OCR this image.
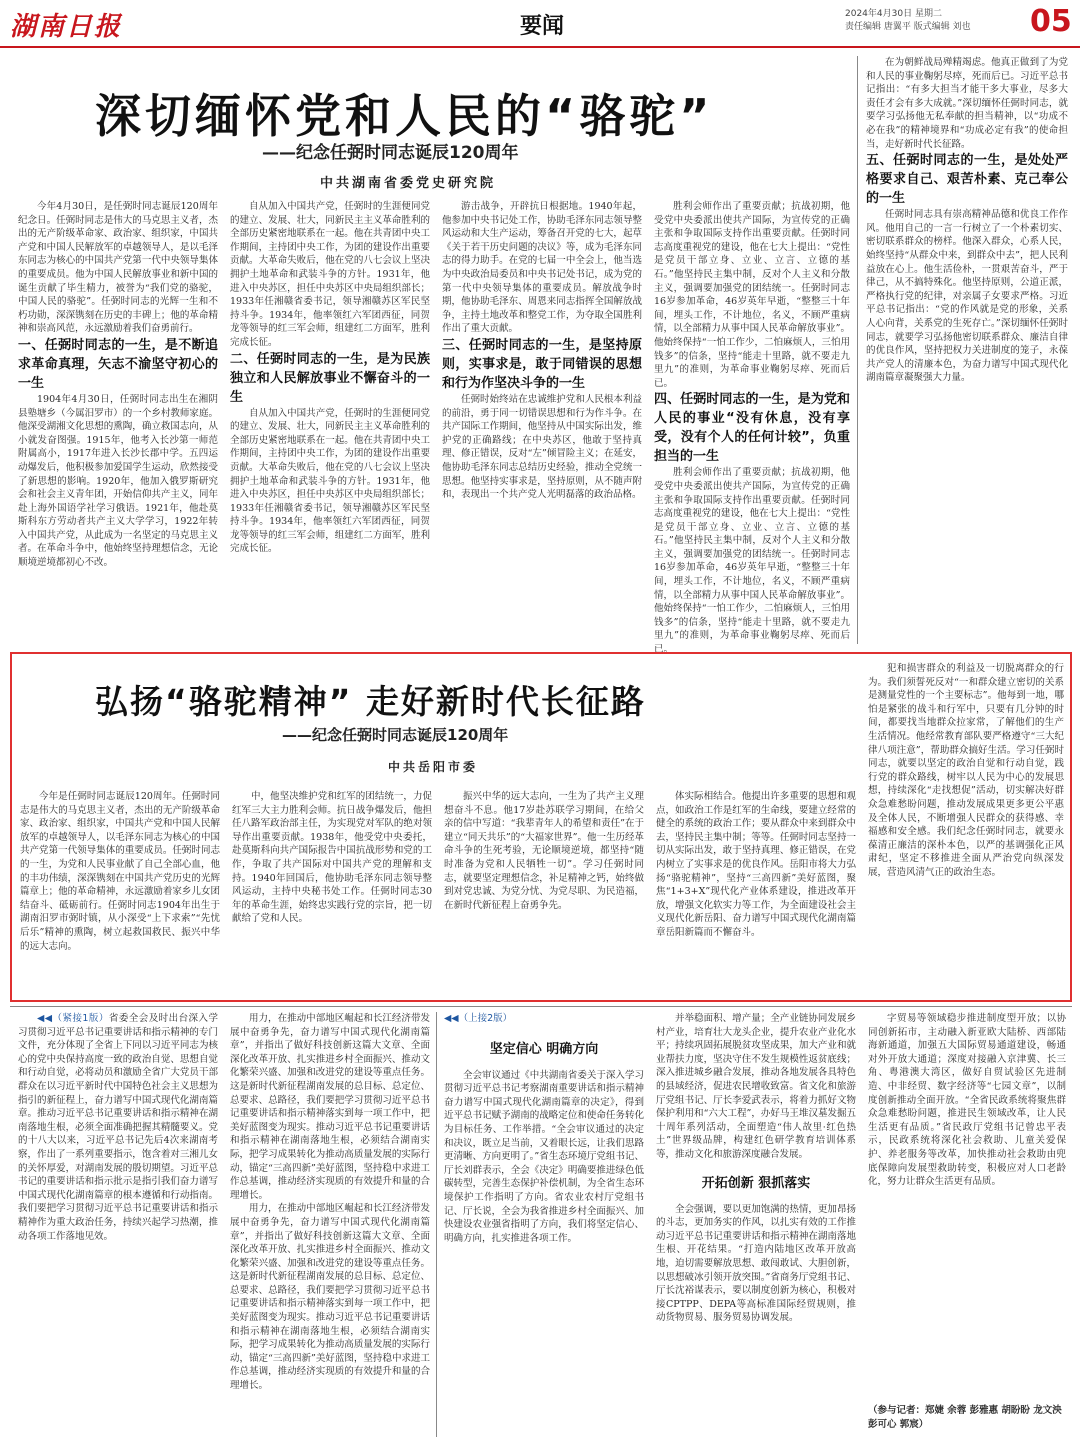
湖南日报	要闻	2024年4月30日 星期二
责任编辑 唐翼平 版式编辑 刘也 05
深切缅怀党和人民的“骆驼”
——纪念任弼时同志诞辰120周年
中共湖南省委党史研究院

今年4月30日，是任弼时同志诞辰120周年纪念日。任弼时同志是伟大的马克思主义者，杰出的无产阶级革命家、政治家、组织家，中国共产党和中国人民解放军的卓越领导人，是以毛泽东同志为核心的中国共产党第一代中央领导集体的重要成员。他为中国人民解放事业和新中国的诞生贡献了毕生精力，被誉为“我们党的骆驼，中国人民的骆驼”。任弼时同志的光辉一生和不朽功勋，深深镌刻在历史的丰碑上；他的革命精神和崇高风范，永远激励着我们奋勇前行。

一、任弼时同志的一生，是不断追求革命真理，矢志不渝坚守初心的一生

1904年4月30日，任弼时同志出生在湘阴县塾塘乡（今属汨罗市）的一个乡村教师家庭。他深受湖湘文化思想的熏陶，确立救国志向，从小就发奋图强。1915年，他考入长沙第一师范附属高小，1917年进入长沙长郡中学。五四运动爆发后，他积极参加爱国学生运动，欣然接受了新思想的影响。1920年，他加入俄罗斯研究会和社会主义青年团，开始信仰共产主义，同年赴上海外国语学社学习俄语。1921年，他赴莫斯科东方劳动者共产主义大学学习，1922年转入中国共产党，从此成为一名坚定的马克思主义者。在革命斗争中，他始终坚持理想信念，无论顺境逆境都初心不改。

自从加入中国共产党，任弼时的生涯便同党的建立、发展、壮大，同新民主主义革命胜利的全部历史紧密地联系在一起。他在共青团中央工作期间，主持团中央工作，为团的建设作出重要贡献。大革命失败后，他在党的八七会议上坚决拥护土地革命和武装斗争的方针。1931年，他进入中央苏区，担任中央苏区中央局组织部长；1933年任湘赣省委书记，领导湘赣苏区军民坚持斗争。1934年，他率领红六军团西征，同贺龙等领导的红三军会师，组建红二方面军，胜利完成长征。

二、任弼时同志的一生，是为民族独立和人民解放事业不懈奋斗的一生

自从加入中国共产党，任弼时的生涯便同党的建立、发展、壮大，同新民主主义革命胜利的全部历史紧密地联系在一起。他在共青团中央工作期间，主持团中央工作，为团的建设作出重要贡献。大革命失败后，他在党的八七会议上坚决拥护土地革命和武装斗争的方针。1931年，他进入中央苏区，担任中央苏区中央局组织部长；1933年任湘赣省委书记，领导湘赣苏区军民坚持斗争。1934年，他率领红六军团西征，同贺龙等领导的红三军会师，组建红二方面军，胜利完成长征。

游击战争，开辟抗日根据地。1940年起，他参加中央书记处工作，协助毛泽东同志领导整风运动和大生产运动，筹备召开党的七大，起草《关于若干历史问题的决议》等，成为毛泽东同志的得力助手。在党的七届一中全会上，他当选为中央政治局委员和中央书记处书记，成为党的第一代中央领导集体的重要成员。解放战争时期，他协助毛泽东、周恩来同志指挥全国解放战争，主持土地改革和整党工作，为夺取全国胜利作出了重大贡献。

三、任弼时同志的一生，是坚持原则，实事求是，敢于同错误的思想和行为作坚决斗争的一生

任弼时始终站在忠诚维护党和人民根本利益的前沿，勇于同一切错误思想和行为作斗争。在共产国际工作期间，他坚持从中国实际出发，维护党的正确路线；在中央苏区，他敢于坚持真理、修正错误，反对“左”倾冒险主义；在延安，他协助毛泽东同志总结历史经验，推动全党统一思想。他坚持实事求是，坚持原则，从不随声附和，表现出一个共产党人光明磊落的政治品格。

胜利会师作出了重要贡献；抗战初期，他受党中央委派出使共产国际，为宣传党的正确主张和争取国际支持作出重要贡献。任弼时同志高度重视党的建设，他在七大上提出：“党性是党员干部立身、立业、立言、立德的基石。”他坚持民主集中制，反对个人主义和分散主义，强调要加强党的团结统一。任弼时同志16岁参加革命，46岁英年早逝，“整整三十年间，埋头工作，不计地位，名义，不顾严重病情，以全部精力从事中国人民革命解放事业”。他始终保持“一怕工作少，二怕麻烦人，三怕用钱多”的信条，坚持“能走十里路，就不要走九里九”的准则，为革命事业鞠躬尽瘁、死而后已。

四、任弼时同志的一生，是为党和人民的事业“没有休息，没有享受，没有个人的任何计较”，负重担当的一生

胜利会师作出了重要贡献；抗战初期，他受党中央委派出使共产国际，为宣传党的正确主张和争取国际支持作出重要贡献。任弼时同志高度重视党的建设，他在七大上提出：“党性是党员干部立身、立业、立言、立德的基石。”他坚持民主集中制，反对个人主义和分散主义，强调要加强党的团结统一。任弼时同志16岁参加革命，46岁英年早逝，“整整三十年间，埋头工作，不计地位，名义，不顾严重病情，以全部精力从事中国人民革命解放事业”。他始终保持“一怕工作少，二怕麻烦人，三怕用钱多”的信条，坚持“能走十里路，就不要走九里九”的准则，为革命事业鞠躬尽瘁、死而后已。

在为朝鲜战局殚精竭虑。他真正做到了为党和人民的事业鞠躬尽瘁，死而后已。习近平总书记指出：“有多大担当才能干多大事业，尽多大责任才会有多大成就。”深切缅怀任弼时同志，就要学习弘扬他无私奉献的担当精神，以“功成不必在我”的精神境界和“功成必定有我”的使命担当，走好新时代长征路。

五、任弼时同志的一生，是处处严格要求自己、艰苦朴素、克己奉公的一生

任弼时同志具有崇高精神品德和优良工作作风。他用自己的一言一行树立了一个朴素切实、密切联系群众的榜样。他深入群众，心系人民，始终坚持“从群众中来，到群众中去”，把人民利益放在心上。他生活俭朴，一贯艰苦奋斗，严于律己，从不搞特殊化。他坚持原则，公道正派，严格执行党的纪律，对亲属子女要求严格。习近平总书记指出：“党的作风就是党的形象，关系人心向背，关系党的生死存亡。”深切缅怀任弼时同志，就要学习弘扬他密切联系群众、廉洁自律的优良作风，坚持把权力关进制度的笼子，永葆共产党人的清廉本色，为奋力谱写中国式现代化湖南篇章凝聚强大力量。

弘扬“骆驼精神” 走好新时代长征路
——纪念任弼时同志诞辰120周年
中共岳阳市委

今年是任弼时同志诞辰120周年。任弼时同志是伟大的马克思主义者，杰出的无产阶级革命家、政治家、组织家，中国共产党和中国人民解放军的卓越领导人，以毛泽东同志为核心的中国共产党第一代领导集体的重要成员。任弼时同志的一生，为党和人民事业献了自己全部心血，他的丰功伟绩，深深镌刻在中国共产党历史的光辉篇章上；他的革命精神，永远激励着家乡儿女团结奋斗、砥砺前行。任弼时同志1904年出生于湖南汨罗市弼时镇，从小深受“上下求索”“先忧后乐”精神的熏陶，树立起救国救民、振兴中华的远大志向。

中，他坚决维护党和红军的团结统一，力促红军三大主力胜利会师。抗日战争爆发后，他担任八路军政治部主任，为实现党对军队的绝对领导作出重要贡献。1938年，他受党中央委托，赴莫斯科向共产国际报告中国抗战形势和党的工作，争取了共产国际对中国共产党的理解和支持。1940年回国后，他协助毛泽东同志领导整风运动，主持中央秘书处工作。任弼时同志30年的革命生涯，始终忠实践行党的宗旨，把一切献给了党和人民。

振兴中华的远大志向，一生为了共产主义理想奋斗不息。他17岁赴苏联学习期间，在给父亲的信中写道：“我辈青年人的希望和责任”在于建立“同天共乐”的“大福家世界”。他一生历经革命斗争的生死考验，无论顺境逆境，都坚持“随时准备为党和人民牺牲一切”。学习任弼时同志，就要坚定理想信念，补足精神之钙，始终做到对党忠诚、为党分忧、为党尽职、为民造福，在新时代新征程上奋勇争先。

体实际相结合。他提出许多重要的思想和观点，如政治工作是红军的生命线，要建立经常的健全的系统的政治工作；要从群众中来到群众中去，坚持民主集中制；等等。任弼时同志坚持一切从实际出发，敢于坚持真理、修正错误，在党内树立了实事求是的优良作风。岳阳市将大力弘扬“骆驼精神”，坚持“三高四新”美好蓝图，聚焦“1+3+X”现代化产业体系建设，推进改革开放，增强文化软实力等工作，为全面建设社会主义现代化新岳阳、奋力谱写中国式现代化湖南篇章岳阳新篇而不懈奋斗。

犯和损害群众的利益及一切脱离群众的行为。我们须誓死反对“一和群众建立密切的关系是测量党性的一个主要标志”。他每到一地，哪怕是紧张的战斗和行军中，只要有几分钟的时间，都要找当地群众拉家常，了解他们的生产生活情况。他经常教育部队要严格遵守“三大纪律八项注意”，帮助群众搞好生活。学习任弼时同志，就要以坚定的政治自觉和行动自觉，践行党的群众路线，树牢以人民为中心的发展思想，持续深化“走找想促”活动，切实解决好群众急难愁盼问题，推动发展成果更多更公平惠及全体人民，不断增强人民群众的获得感、幸福感和安全感。我们纪念任弼时同志，就要永葆清正廉洁的深朴本色，以严的基调强化正风肃纪，坚定不移推进全面从严治党向纵深发展，营造风清气正的政治生态。

◀◀（紧接1版）省委全会及时出台深入学习贯彻习近平总书记重要讲话和指示精神的专门文件，充分体现了全省上下同以习近平同志为核心的党中央保持高度一致的政治自觉、思想自觉和行动自觉，必将动员和激励全省广大党员干部群众在以习近平新时代中国特色社会主义思想为指引的新征程上，奋力谱写中国式现代化湖南篇章。推动习近平总书记重要讲话和指示精神在湖南落地生根，必须全面准确把握其精髓要义。党的十八大以来，习近平总书记先后4次来湖南考察，作出了一系列重要指示，饱含着对三湘儿女的关怀厚爱，对湖南发展的殷切期望。习近平总书记的重要讲话和指示批示是指引我们奋力谱写中国式现代化湖南篇章的根本遵循和行动指南。我们要把学习贯彻习近平总书记重要讲话和指示精神作为重大政治任务，持续兴起学习热潮，推动各项工作落地见效。

用力，在推动中部地区崛起和长江经济带发展中奋勇争先，奋力谱写中国式现代化湖南篇章”，并指出了做好科技创新这篇大文章、全面深化改革开放、扎实推进乡村全面振兴、推动文化繁荣兴盛、加强和改进党的建设等重点任务。这是新时代新征程湖南发展的总目标、总定位、总要求、总路径，我们要把学习贯彻习近平总书记重要讲话和指示精神落实到每一项工作中，把美好蓝图变为现实。推动习近平总书记重要讲话和指示精神在湖南落地生根，必须结合湖南实际，把学习成果转化为推动高质量发展的实际行动，锚定“三高四新”美好蓝图，坚持稳中求进工作总基调，推动经济实现质的有效提升和量的合理增长。

用力，在推动中部地区崛起和长江经济带发展中奋勇争先，奋力谱写中国式现代化湖南篇章”，并指出了做好科技创新这篇大文章、全面深化改革开放、扎实推进乡村全面振兴、推动文化繁荣兴盛、加强和改进党的建设等重点任务。这是新时代新征程湖南发展的总目标、总定位、总要求、总路径，我们要把学习贯彻习近平总书记重要讲话和指示精神落实到每一项工作中，把美好蓝图变为现实。推动习近平总书记重要讲话和指示精神在湖南落地生根，必须结合湖南实际，把学习成果转化为推动高质量发展的实际行动，锚定“三高四新”美好蓝图，坚持稳中求进工作总基调，推动经济实现质的有效提升和量的合理增长。

◀◀（上接2版）

坚定信心 明确方向

全会审议通过《中共湖南省委关于深入学习贯彻习近平总书记考察湖南重要讲话和指示精神 奋力谱写中国式现代化湖南篇章的决定》，得到近平总书记赋予湖南的战略定位和使命任务转化为目标任务、工作举措。“全会审议通过的决定和决议，既立足当前，又着眼长远，让我们思路更清晰、方向更明了。”省生态环境厅党组书记、厅长刘群表示，全会《决定》明确要推进绿色低碳转型，完善生态保护补偿机制，为全省生态环境保护工作指明了方向。省农业农村厅党组书记、厅长说，全会为我省推进乡村全面振兴、加快建设农业强省指明了方向，我们将坚定信心、明确方向，扎实推进各项工作。

并举稳面积、增产量；全产业链协同发展乡村产业，培育壮大龙头企业，提升农业产业化水平；持续巩固拓展脱贫攻坚成果，加大产业和就业帮扶力度，坚决守住不发生规模性返贫底线；深入推进城乡融合发展，推动各地发展各具特色的县域经济，促进农民增收致富。省文化和旅游厅党组书记、厅长李爱武表示，将着力抓好文物保护利用和“六大工程”，办好马王堆汉墓发掘五十周年系列活动，全面塑造“伟人故里·红色热土”世界级品牌，构建红色研学教育培训体系等，推动文化和旅游深度融合发展。

开拓创新 狠抓落实

全会强调，要以更加饱满的热情，更加昂扬的斗志，更加务实的作风，以扎实有效的工作推动习近平总书记重要讲话和指示精神在湖南落地生根、开花结果。“打造内陆地区改革开放高地，迫切需要解放思想、敢闯敢试、大胆创新，以思想破冰引领开放突围。”省商务厅党组书记、厅长沈裕谋表示，要以制度创新为核心，积极对接CPTPP、DEPA等高标准国际经贸规则，推动货物贸易、服务贸易协调发展。

字贸易等领域稳步推进制度型开放；以协同创新拓市，主动融入新亚欧大陆桥、西部陆海新通道，加强五大国际贸易通道建设，畅通对外开放大通道；深度对接融入京津冀、长三角、粤港澳大湾区，做好自贸试验区先进制造、中非经贸、数字经济等“七园文章”，以制度创新推动全面开放。“全省民政系统将聚焦群众急难愁盼问题，推进民生领域改革，让人民生活更有品质。”省民政厅党组书记曾忠平表示，民政系统将深化社会救助、儿童关爱保护、养老服务等改革，加快推动社会救助由兜底保障向发展型救助转变，积极应对人口老龄化，努力让群众生活更有品质。

（参与记者：郑婕 余蓉 彭雅惠 胡盼盼 龙文泱 彭可心 郭宸）
